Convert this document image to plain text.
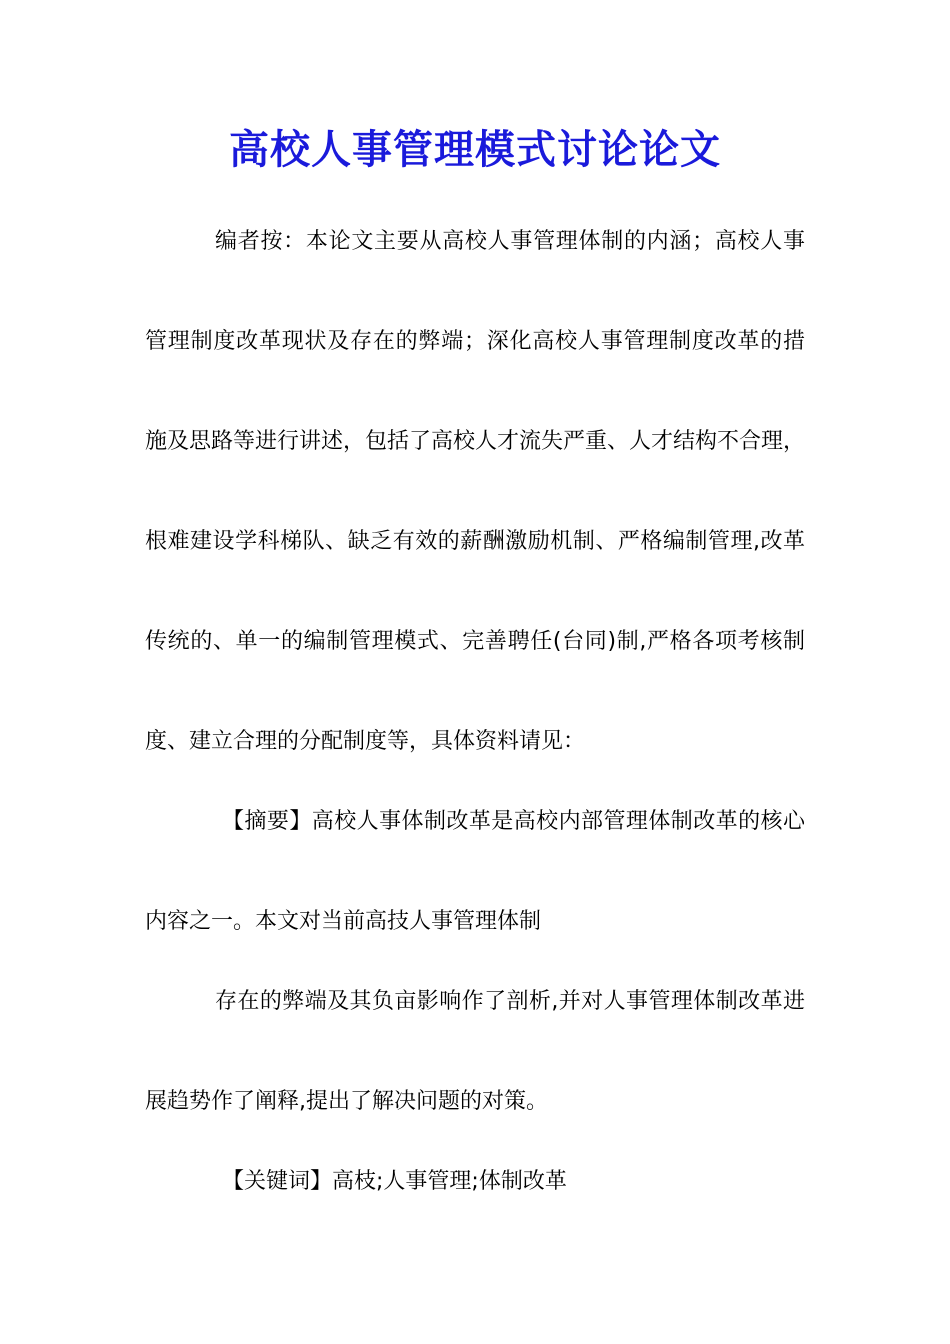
高校人事管理模式讨论论文
编者按：本论文主要从高校人事管理体制的内涵；高校人事
管理制度改革现状及存在的弊端；深化高校人事管理制度改革的措
施及思路等进行讲述，包括了高校人才流失严重、人才结构不合理，
根难建设学科梯队、缺乏有效的薪酬激励机制、严格编制管理,改革
传统的、单一的编制管理模式、完善聘任(台同)制,严格各项考核制
度、建立合理的分配制度等，具体资料请见：
【摘要】高校人事体制改革是高校内部管理体制改革的核心
内容之一。本文对当前高技人事管理体制
存在的弊端及其负亩影响作了剖析,并对人事管理体制改革进
展趋势作了阐释,提出了解决问题的对策。
【关键词】高枝;人事管理;体制改革
